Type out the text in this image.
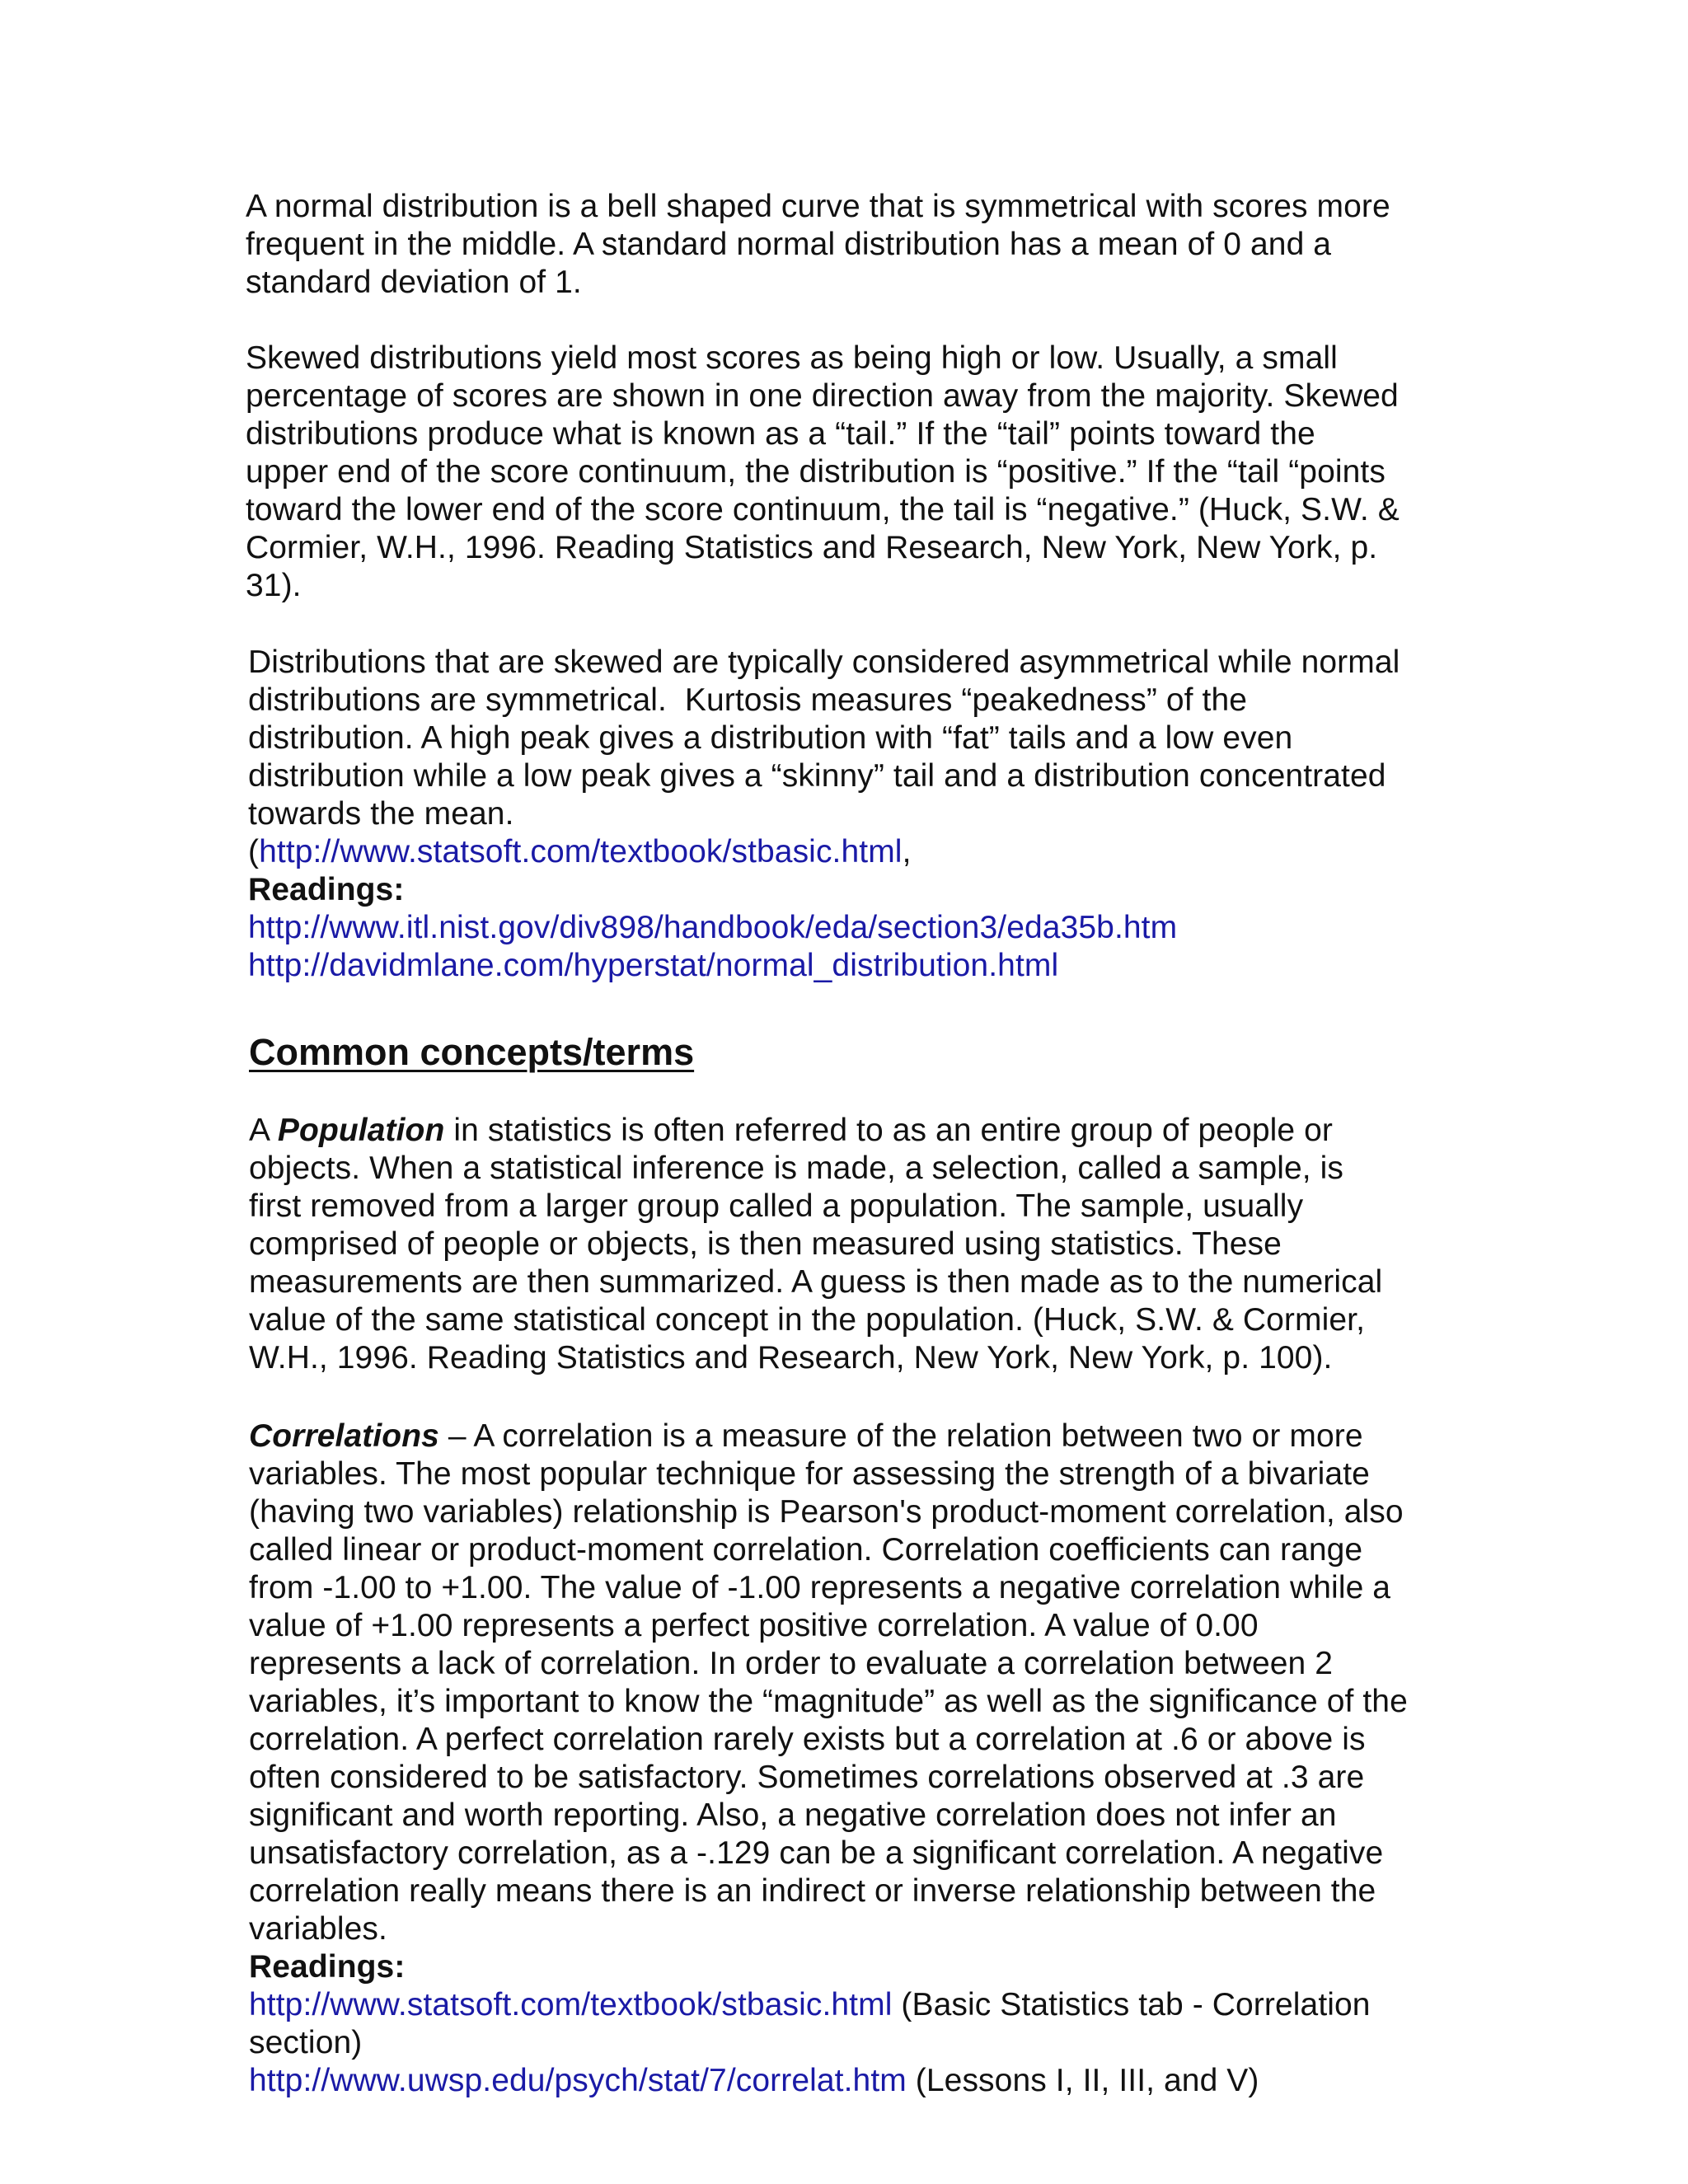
A normal distribution is a bell shaped curve that is symmetrical with scores more
frequent in the middle. A standard normal distribution has a mean of 0 and a
standard deviation of 1.
Skewed distributions yield most scores as being high or low. Usually, a small
percentage of scores are shown in one direction away from the majority. Skewed
distributions produce what is known as a “tail.” If the “tail” points toward the
upper end of the score continuum, the distribution is “positive.” If the “tail “points
toward the lower end of the score continuum, the tail is “negative.” (Huck, S.W. &
Cormier, W.H., 1996. Reading Statistics and Research, New York, New York, p.
31).
Distributions that are skewed are typically considered asymmetrical while normal
distributions are symmetrical.  Kurtosis measures “peakedness” of the
distribution. A high peak gives a distribution with “fat” tails and a low even
distribution while a low peak gives a “skinny” tail and a distribution concentrated
towards the mean.
(http://www.statsoft.com/textbook/stbasic.html,
Readings:
http://www.itl.nist.gov/div898/handbook/eda/section3/eda35b.htm
http://davidmlane.com/hyperstat/normal_distribution.html
Common concepts/terms
A Population in statistics is often referred to as an entire group of people or
objects. When a statistical inference is made, a selection, called a sample, is
first removed from a larger group called a population. The sample, usually
comprised of people or objects, is then measured using statistics. These
measurements are then summarized. A guess is then made as to the numerical
value of the same statistical concept in the population. (Huck, S.W. & Cormier,
W.H., 1996. Reading Statistics and Research, New York, New York, p. 100).
Correlations – A correlation is a measure of the relation between two or more
variables. The most popular technique for assessing the strength of a bivariate
(having two variables) relationship is Pearson's product-moment correlation, also
called linear or product-moment correlation. Correlation coefficients can range
from -1.00 to +1.00. The value of -1.00 represents a negative correlation while a
value of +1.00 represents a perfect positive correlation. A value of 0.00
represents a lack of correlation. In order to evaluate a correlation between 2
variables, it’s important to know the “magnitude” as well as the significance of the
correlation. A perfect correlation rarely exists but a correlation at .6 or above is
often considered to be satisfactory. Sometimes correlations observed at .3 are
significant and worth reporting. Also, a negative correlation does not infer an
unsatisfactory correlation, as a -.129 can be a significant correlation. A negative
correlation really means there is an indirect or inverse relationship between the
variables.
Readings:
http://www.statsoft.com/textbook/stbasic.html (Basic Statistics tab - Correlation
section)
http://www.uwsp.edu/psych/stat/7/correlat.htm (Lessons I, II, III, and V)
